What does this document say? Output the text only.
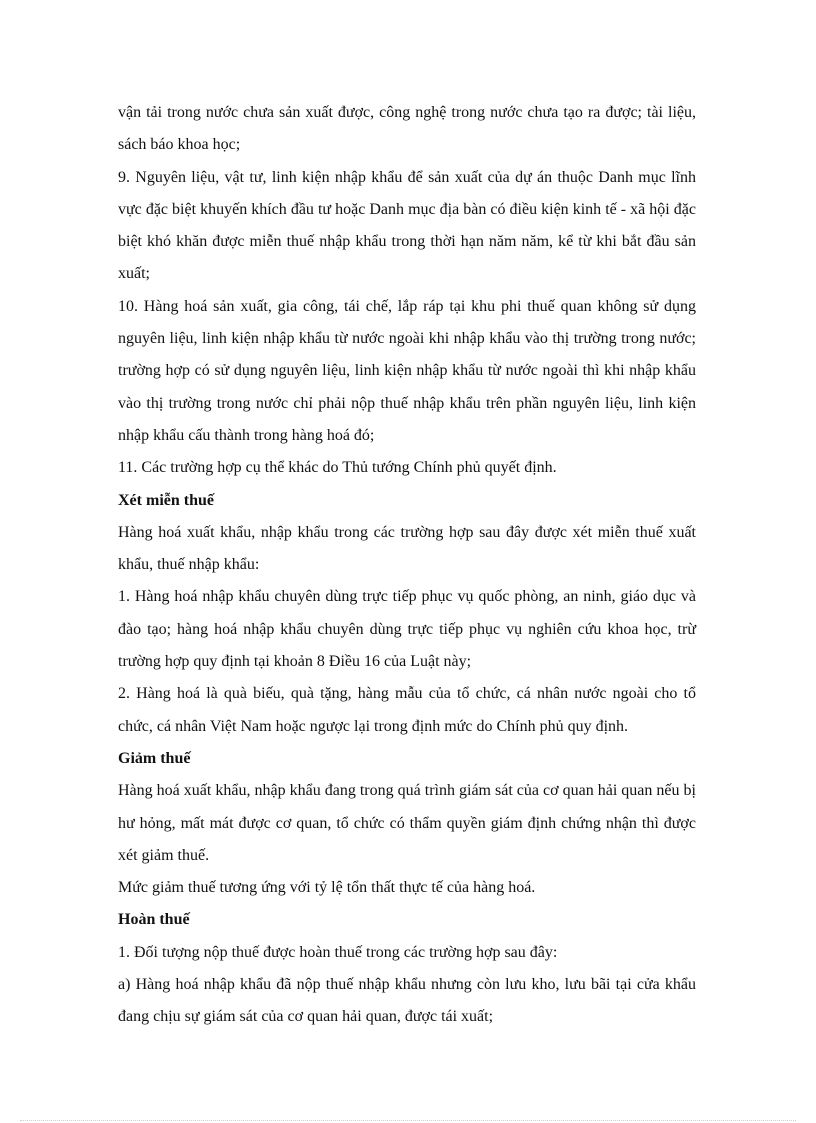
vận tải trong nước chưa sản xuất được, công nghệ trong nước chưa tạo ra được; tài liệu, sách báo khoa học;

9. Nguyên liệu, vật tư, linh kiện nhập khẩu để sản xuất của dự án thuộc Danh mục lĩnh vực đặc biệt khuyến khích đầu tư hoặc Danh mục địa bàn có điều kiện kinh tế - xã hội đặc biệt khó khăn được miễn thuế nhập khẩu trong thời hạn năm năm, kể từ khi bắt đầu sản xuất;

10. Hàng hoá sản xuất, gia công, tái chế, lắp ráp tại khu phi thuế quan không sử dụng nguyên liệu, linh kiện nhập khẩu từ nước ngoài khi nhập khẩu vào thị trường trong nước; trường hợp có sử dụng nguyên liệu, linh kiện nhập khẩu từ nước ngoài thì khi nhập khẩu vào thị trường trong nước chỉ phải nộp thuế nhập khẩu trên phần nguyên liệu, linh kiện nhập khẩu cấu thành trong hàng hoá đó;

11. Các trường hợp cụ thể khác do Thủ tướng Chính phủ quyết định.

Xét miễn thuế

Hàng hoá xuất khẩu, nhập khẩu trong các trường hợp sau đây được xét miễn thuế xuất khẩu, thuế nhập khẩu:

1. Hàng hoá nhập khẩu chuyên dùng trực tiếp phục vụ quốc phòng, an ninh, giáo dục và đào tạo; hàng hoá nhập khẩu chuyên dùng trực tiếp phục vụ nghiên cứu khoa học, trừ trường hợp quy định tại khoản 8 Điều 16 của Luật này;

2. Hàng hoá là quà biếu, quà tặng, hàng mẫu của tổ chức, cá nhân nước ngoài cho tổ chức, cá nhân Việt Nam hoặc ngược lại trong định mức do Chính phủ quy định.

Giảm thuế

Hàng hoá xuất khẩu, nhập khẩu đang trong quá trình giám sát của cơ quan hải quan nếu bị hư hỏng, mất mát được cơ quan, tổ chức có thẩm quyền giám định chứng nhận thì được xét giảm thuế.

Mức giảm thuế tương ứng với tỷ lệ tổn thất thực tế của hàng hoá.

Hoàn thuế

1. Đối tượng nộp thuế được hoàn thuế trong các trường hợp sau đây:

a) Hàng hoá nhập khẩu đã nộp thuế nhập khẩu nhưng còn lưu kho, lưu bãi tại cửa khẩu đang chịu sự giám sát của cơ quan hải quan, được tái xuất;
